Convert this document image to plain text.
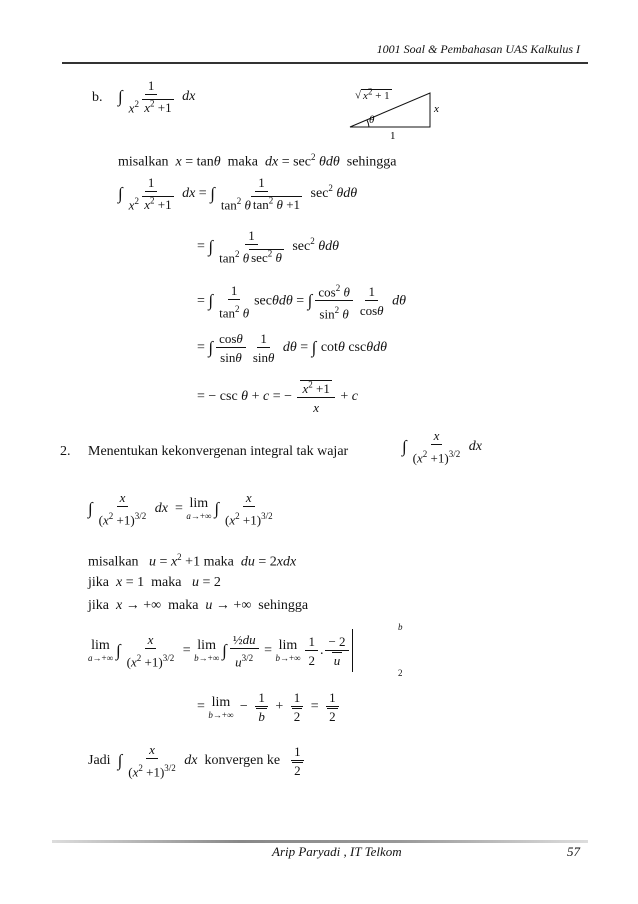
1001 Soal & Pembahasan UAS Kalkulus I
b. ∫ $\frac{1}{x^2 x^2 +1}$ dx
θ
x
1
√ $x^2 + 1$
misalkan  x = tanθ  maka  dx = $\sec^2 \theta d\theta$  sehingga
∫ $\frac{1}{x^2 x^2 +1}$ dx = ∫ $\frac{1}{\tan^2 \theta \tan^2 \theta +1} \sec^2 \theta d\theta$
= ∫ $\frac{1}{\tan^2 \theta \sec^2 \theta} \sec^2 \theta d\theta$
= ∫ $\frac{1}{\tan^2 \theta}$ secθdθ = ∫ $\frac{\cos^2 \theta}{\sin^2 \theta} \frac{1}{\cos\theta}$ dθ
= ∫ $\frac{\cos\theta}{\sin\theta} \frac{1}{\sin\theta}$ dθ = ∫ cotθ cscθdθ
= − csc θ + c = − $\frac{x^2 +1}{x} + c$
2. Menentukan kekonvergenan integral tak wajar	∫ $\frac{x}{(x^2 +1)^{3/2}}$ dx
∫ $\frac{x}{(x^2 +1)^{3/2}}$ dx  = lim
a→+∞ ∫ $\frac{x}{(x^2 +1)^{3/2}}$
misalkan   $u = x^2 +1$ maka  du = 2xdx
jika  x = 1  maka   u = 2
jika  x → +∞  maka  u → +∞  sehingga
lim
a→+∞ ∫ $\frac{x}{(x^2 +1)^{3/2}} = \lim$
b→+∞ ∫ $\frac{\text{½du}}{u^{3/2}} = \lim$
$b\to+\infty \frac{1}{2}$ . $\frac{- 2}{u}$
b
2
= lim
b→+∞
− $\frac{1}{b} + \frac{1}{2} = \frac{1}{2}$
Jadi  ∫ $\frac{x}{(x^2 +1)^{3/2}}$ dx  konvergen ke $\frac{1}{2}$
Arip Paryadi , IT Telkom	57
